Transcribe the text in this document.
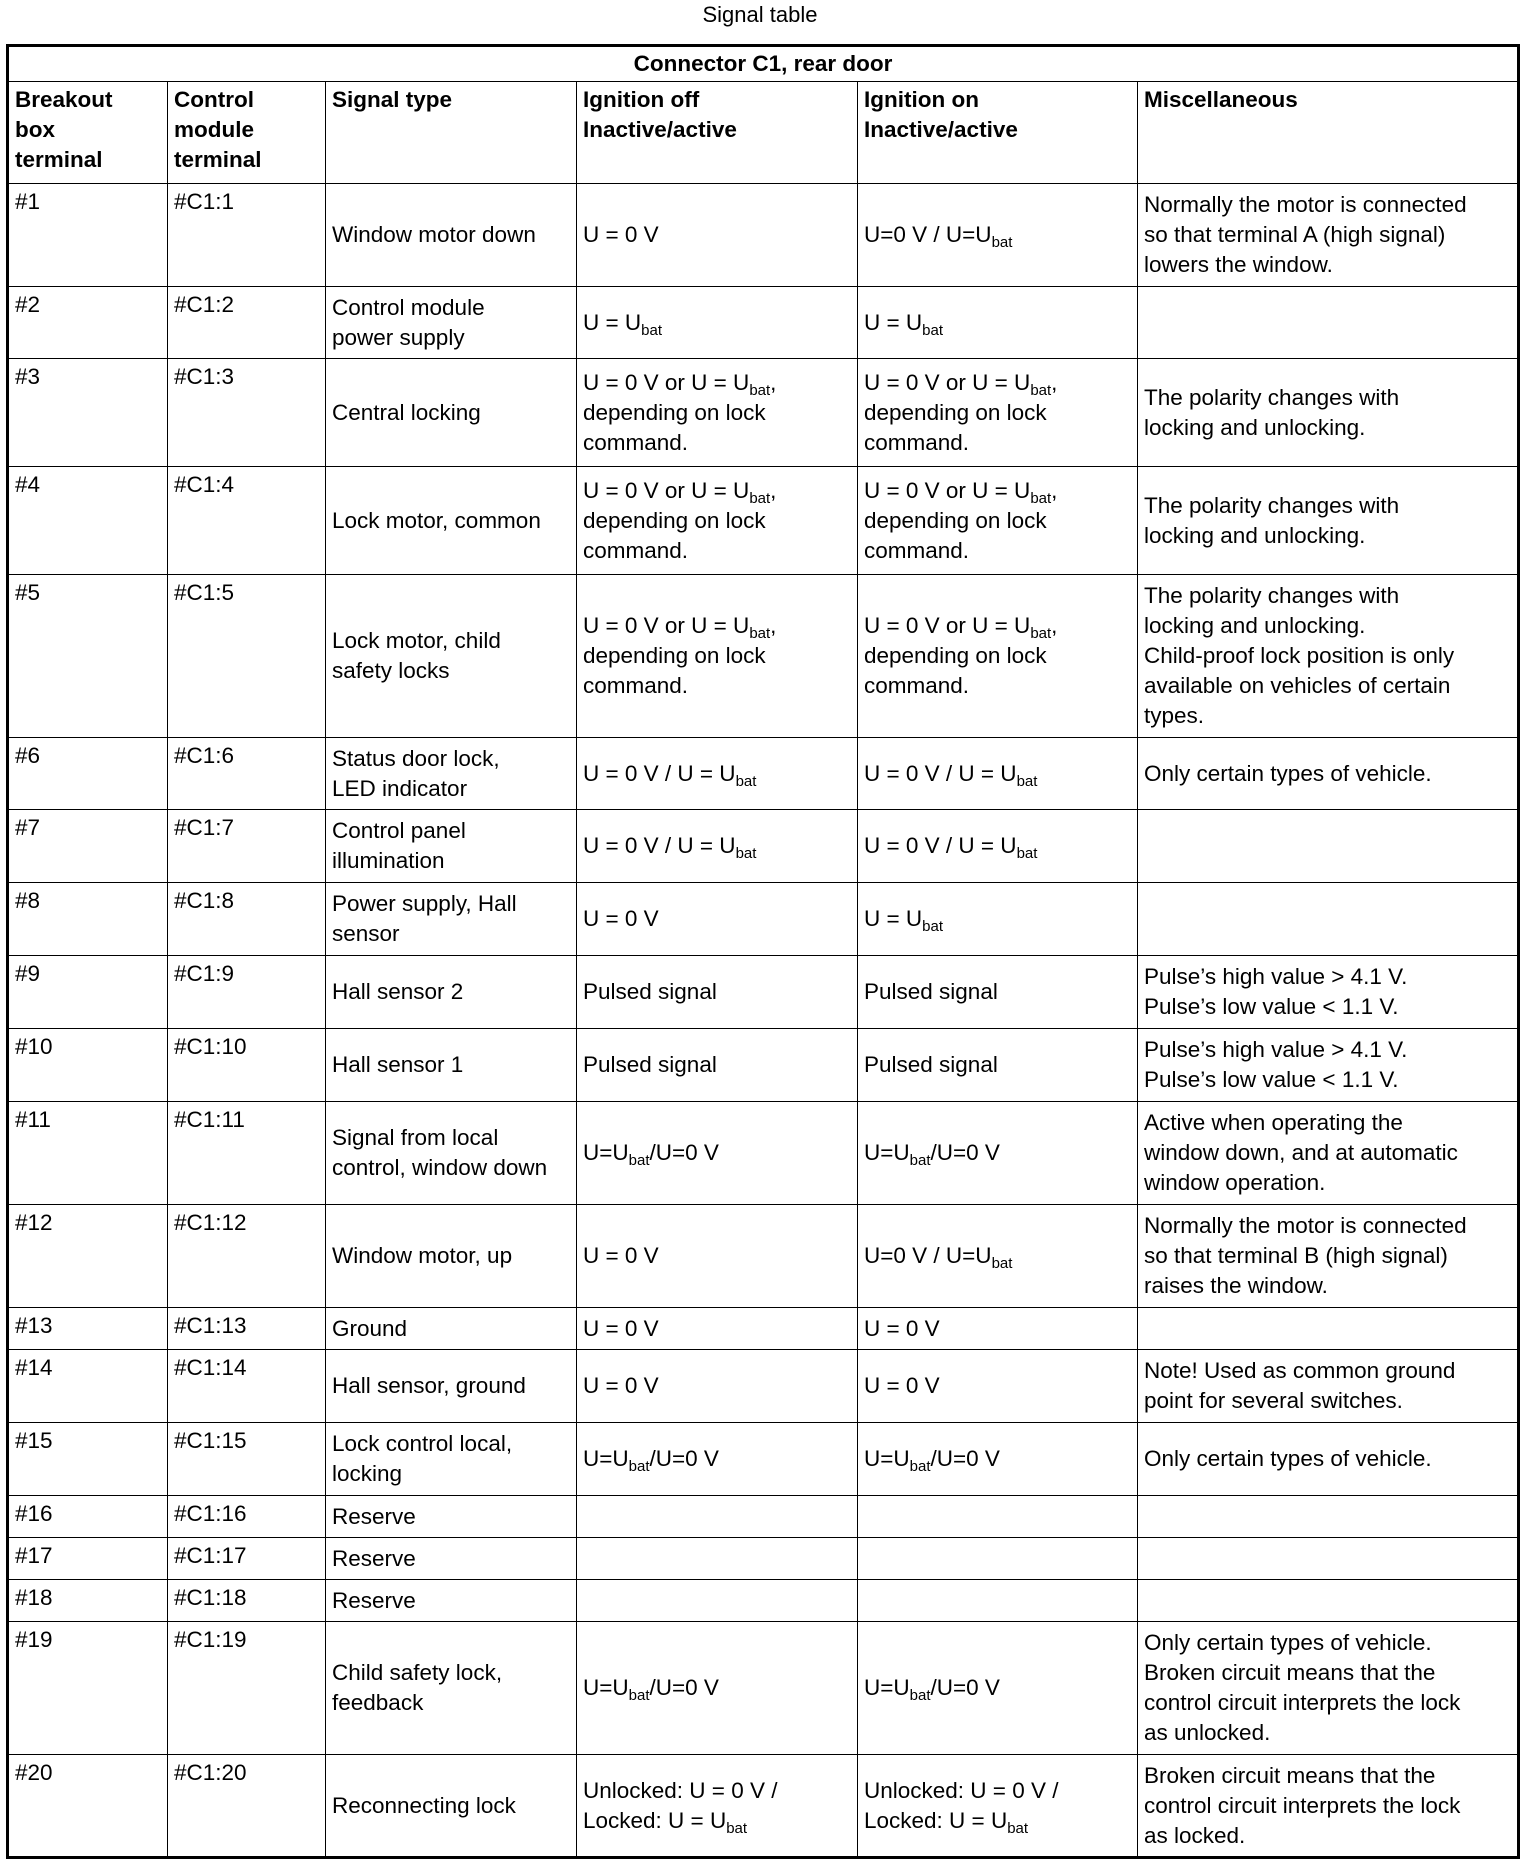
Signal table
Connector C1, rear door					

Breakout
box
terminal	Control
module
terminal	Signal type	Ignition off
Inactive/active	Ignition on
Inactive/active	Miscellaneous
#1	#C1:1	Window motor down	U = 0 V	U=0 $V / U=U_{bat}$	Normally the motor is connected
so that terminal A (high signal)
lowers the window.

#2	#C1:2	Control module
power supply	$U = U_{bat}$	$U = U_{bat}$

#3	#C1:3	Central locking	U = 0 V or $U = U_{bat}$,
depending on lock
command.	U = 0 V or $U = U_{bat}$,
depending on lock
command.	The polarity changes with
locking and unlocking.

#4	#C1:4	Lock motor, common	U = 0 V or $U = U_{bat}$,
depending on lock
command.	U = 0 V or $U = U_{bat}$,
depending on lock
command.	The polarity changes with
locking and unlocking.

#5	#C1:5	Lock motor, child
safety locks	U = 0 V or $U = U_{bat}$,
depending on lock
command.	U = 0 V or $U = U_{bat}$,
depending on lock
command.	The polarity changes with
locking and unlocking.
Child-proof lock position is only
available on vehicles of certain
types.

#6	#C1:6	Status door lock,
LED indicator	U = 0 $V / U = U_{bat}$	U = 0 $V / U = U_{bat}$	Only certain types of vehicle.

#7	#C1:7	Control panel
illumination	U = 0 $V / U = U_{bat}$	U = 0 $V / U = U_{bat}$

#8	#C1:8	Power supply, Hall
sensor	U = 0 V	$U = U_{bat}$

#9	#C1:9	Hall sensor 2	Pulsed signal	Pulsed signal	Pulse’s high value > 4.1 V.
Pulse’s low value < 1.1 V.

#10	#C1:10	Hall sensor 1	Pulsed signal	Pulsed signal	Pulse’s high value > 4.1 V.
Pulse’s low value < 1.1 V.

#11	#C1:11	Signal from local
control, window down	$U=U_{bat}/U=0$ V	$U=U_{bat}/U=0$ V	Active when operating the
window down, and at automatic
window operation.

#12	#C1:12	Window motor, up	U = 0 V	U=0 $V / U=U_{bat}$	Normally the motor is connected
so that terminal B (high signal)
raises the window.

#13	#C1:13	Ground	U = 0 V	U = 0 V	

#14	#C1:14	Hall sensor, ground	U = 0 V	U = 0 V	Note! Used as common ground
point for several switches.

#15	#C1:15	Lock control local,
locking	$U=U_{bat}/U=0$ V	$U=U_{bat}/U=0$ V	Only certain types of vehicle.

#16	#C1:16	Reserve			

#17	#C1:17	Reserve			

#18	#C1:18	Reserve			

#19	#C1:19	Child safety lock,
feedback	$U=U_{bat}/U=0$ V	$U=U_{bat}/U=0$ V	Only certain types of vehicle.
Broken circuit means that the
control circuit interprets the lock
as unlocked.

#20	#C1:20	Reconnecting lock	Unlocked: U = 0 V /
Locked: $U = U_{bat}$	Unlocked: U = 0 V /
Locked: $U = U_{bat}$	Broken circuit means that the
control circuit interprets the lock
as locked.
